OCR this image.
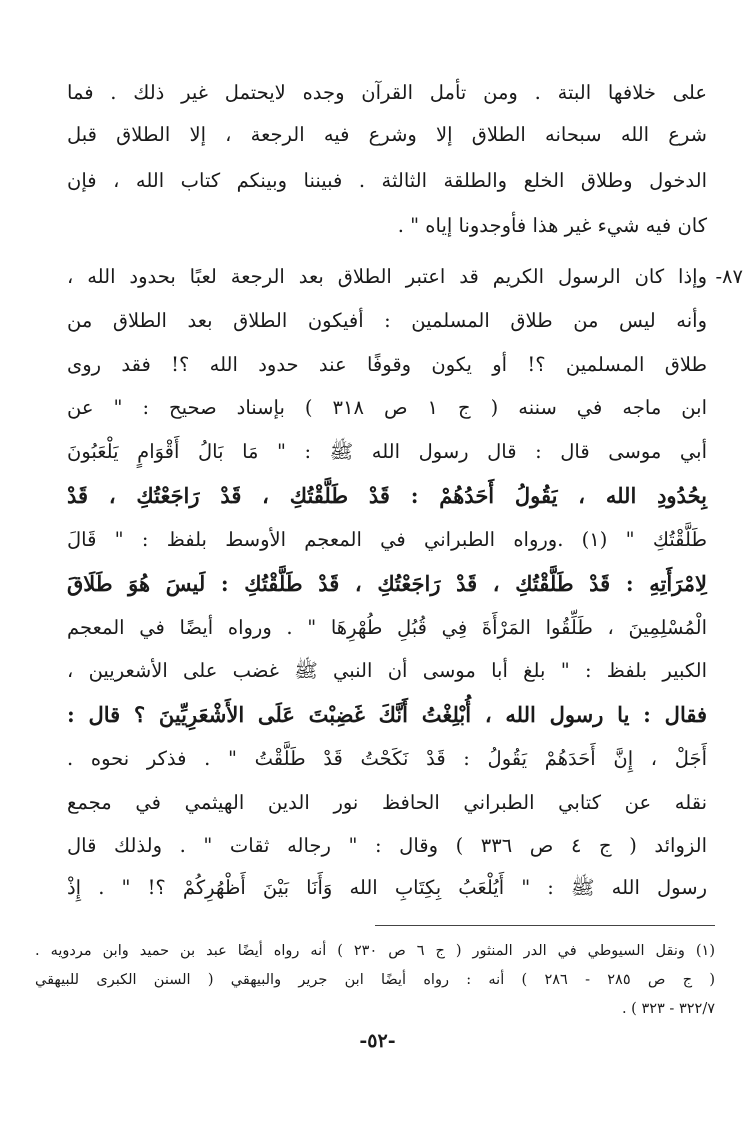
على خلافها البتة . ومن تأمل القرآن وجده لايحتمل غير ذلك . فما
شرع الله سبحانه الطلاق إلا وشرع فيه الرجعة ، إلا الطلاق قبل
الدخول وطلاق الخلع والطلقة الثالثة . فبيننا وبينكم كتاب الله ، فإن
كان فيه شيء غير هذا فأوجدونا إياه " .
٨٧-
وإذا كان الرسول الكريم قد اعتبر الطلاق بعد الرجعة لعبًا بحدود الله ،
وأنه ليس من طلاق المسلمين : أفيكون الطلاق بعد الطلاق من
طلاق المسلمين ؟! أو يكون وقوفًا عند حدود الله ؟! فقد روى
ابن ماجه في سننه ( ج ١ ص ٣١٨ ) بإسناد صحيح : " عن
أبي موسى قال : قال رسول الله ﷺ : " مَا بَالُ أَقْوَامٍ يَلْعَبُونَ
بِحُدُودِ الله ، يَقُولُ أَحَدُهُمْ : قَدْ طَلَّقْتُكِ ، قَدْ رَاجَعْتُكِ ، قَدْ
طَلَّقْتُكِ " (١) .ورواه الطبراني في المعجم الأوسط بلفظ : " قَالَ
لِامْرَأَتِهِ : قَدْ طَلَّقْتُكِ ، قَدْ رَاجَعْتُكِ ، قَدْ طَلَّقْتُكِ : لَيسَ هُوَ طَلَاقَ
الْمُسْلِمِينَ ، طَلِّقُوا المَرْأَةَ فِي قُبُلِ طُهْرِهَا " . ورواه أيضًا في المعجم
الكبير بلفظ : " بلغ أبا موسى أن النبي ﷺ غضب على الأشعريين ،
فقال : يا رسول الله ، أُبْلِغْتُ أَنَّكَ غَضِبْتَ عَلَى الأَشْعَرِيِّينَ ؟ قال :
أَجَلْ ، إِنَّ أَحَدَهُمْ يَقُولُ : قَدْ نَكَحْتُ قَدْ طَلَّقْتُ " . فذكر نحوه .
نقله عن كتابي الطبراني الحافظ نور الدين الهيثمي في مجمع
الزوائد ( ج ٤ ص ٣٣٦ ) وقال : " رجاله ثقات " . ولذلك قال
رسول الله ﷺ : " أَيُلْعَبُ بِكِتَابِ الله وَأَنَا بَيْنَ أَظْهُرِكُمْ ؟! " . إِذْ
(١) ونقل السيوطي في الدر المنثور ( ج ٦ ص ٢٣٠ ) أنه رواه أيضًا عبد بن حميد وابن مردويه .
( ج ص ٢٨٥ - ٢٨٦ ) أنه : رواه أيضًا ابن جرير والبيهقي ( السنن الكبرى للبيهقي
٣٢٢/٧ - ٣٢٣ ) .
-٥٢-
